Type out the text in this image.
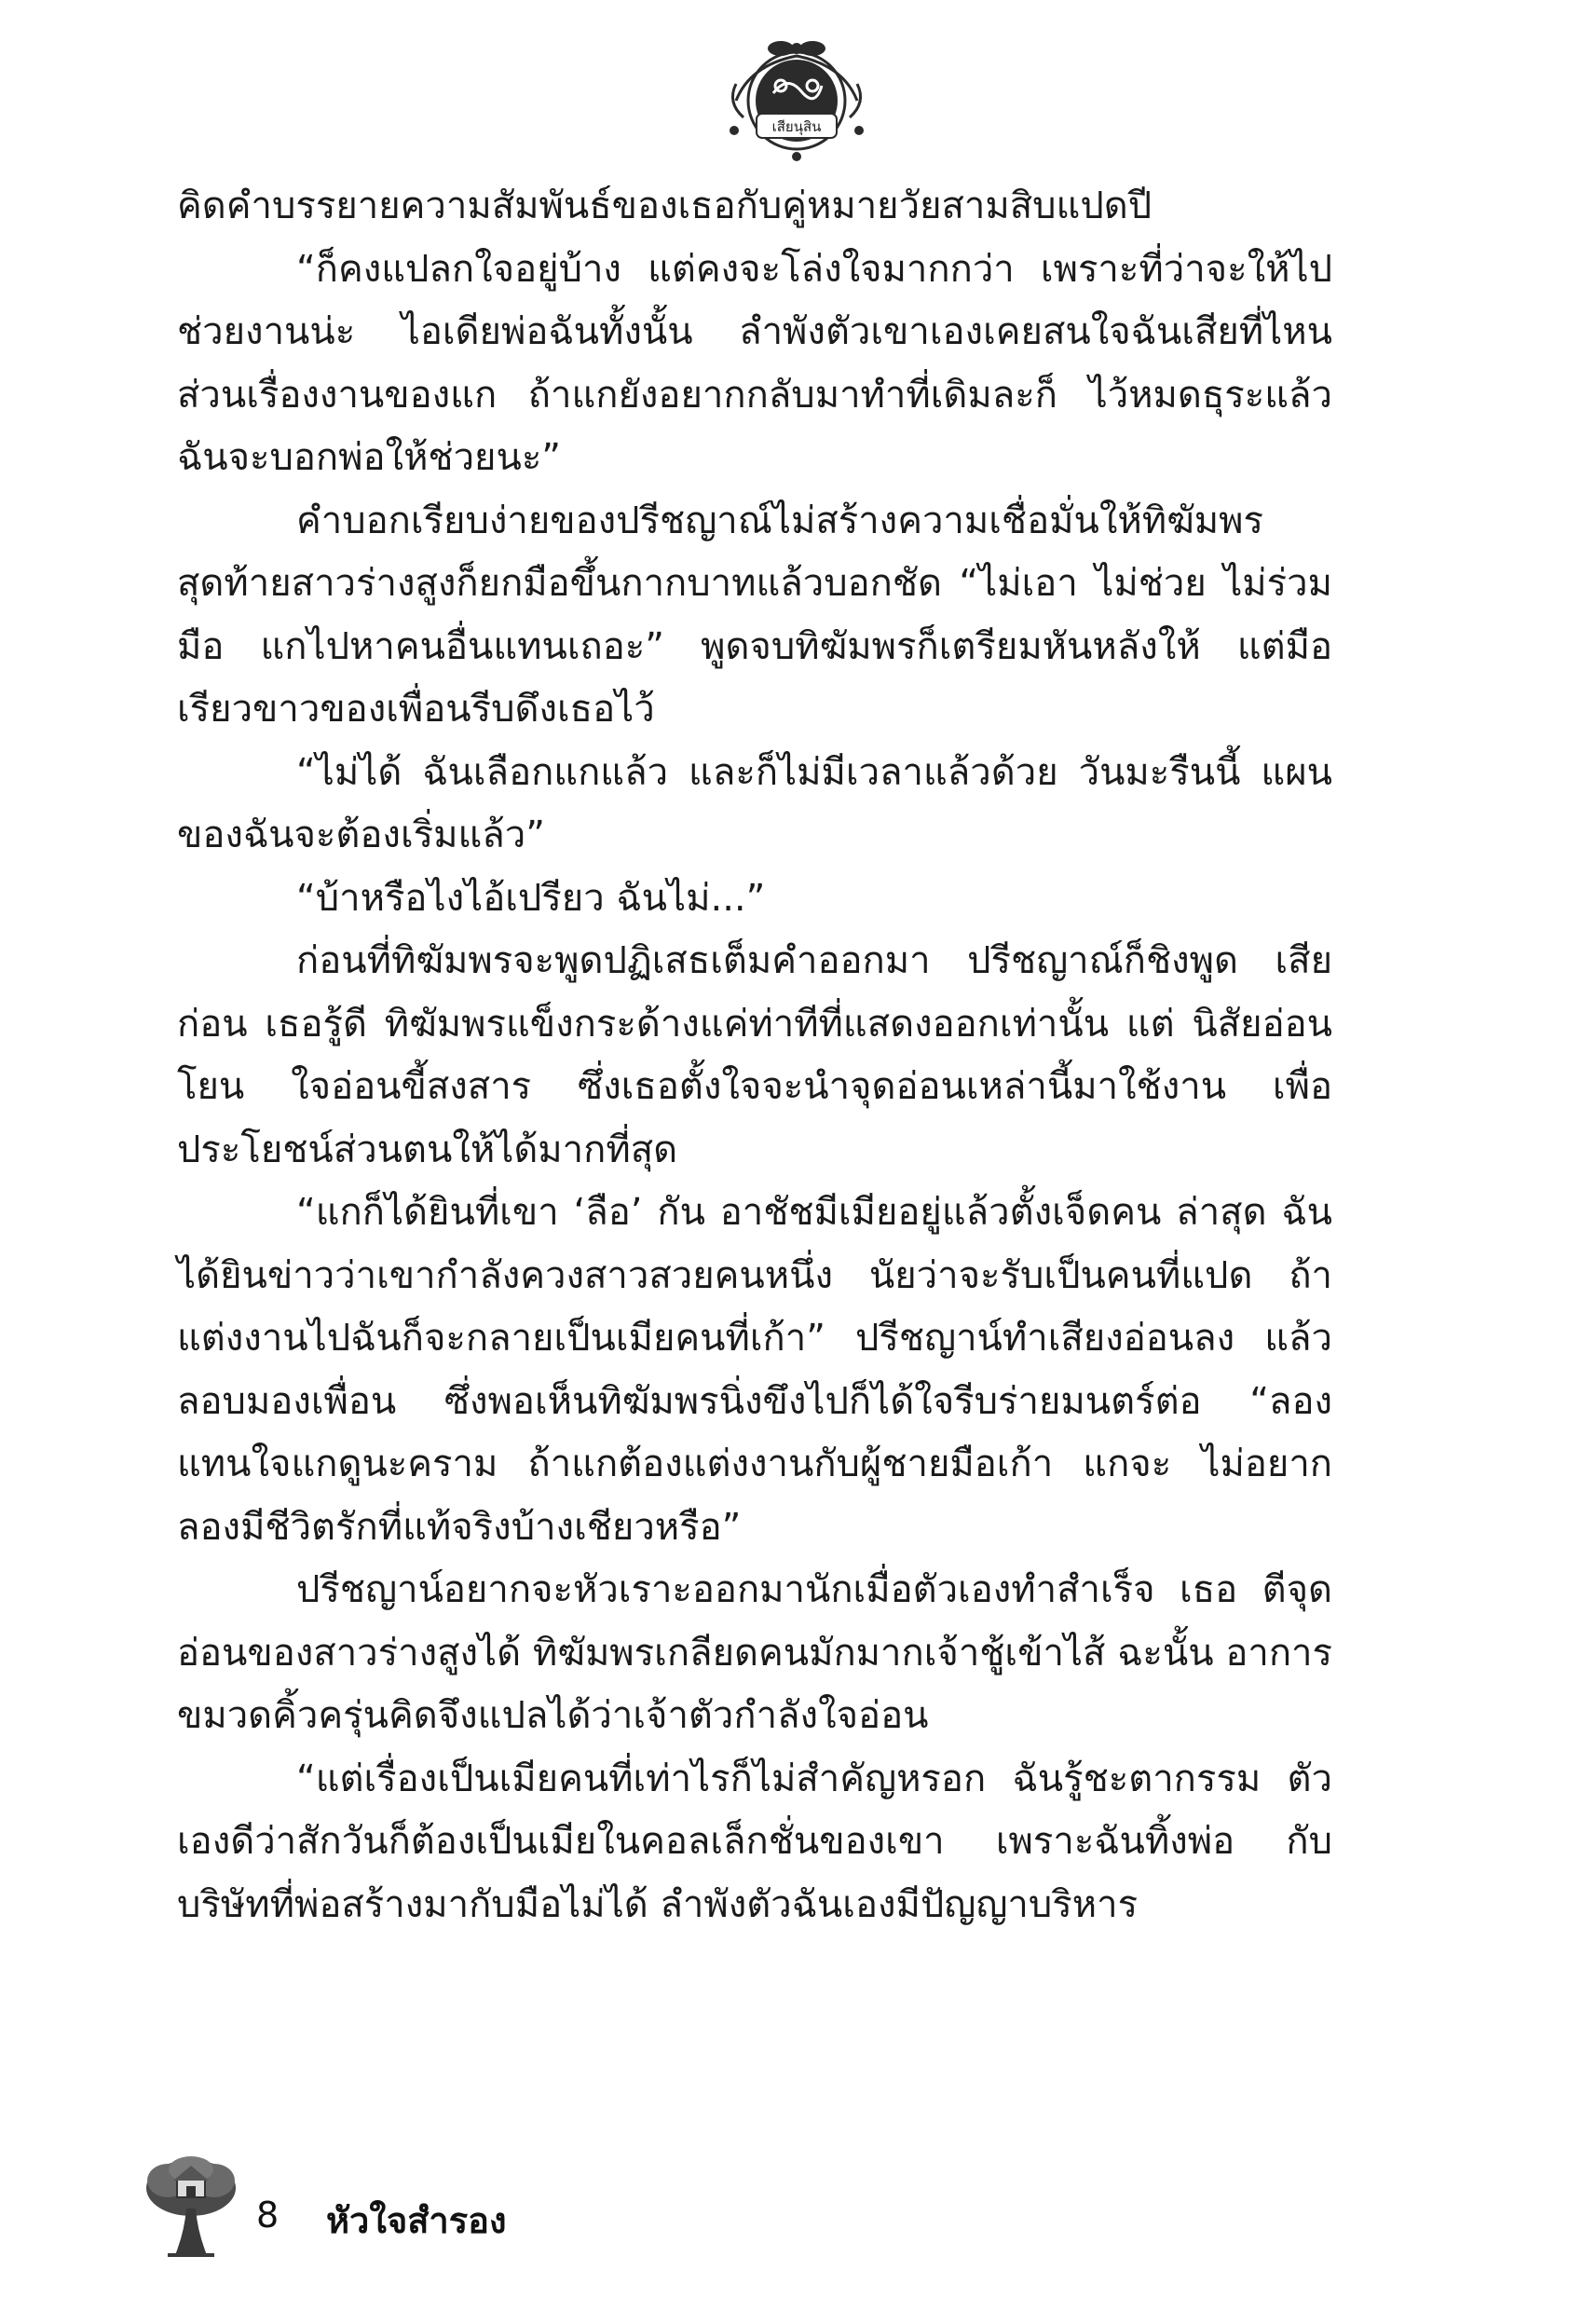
เสียนุสิน

คิดคำบรรยายความสัมพันธ์ของเธอกับคู่หมายวัยสามสิบแปดปี

“ก็คงแปลกใจอยู่บ้าง แต่คงจะโล่งใจมากกว่า เพราะที่ว่าจะให้ไปช่วยงานน่ะ ไอเดียพ่อฉันทั้งนั้น ลำพังตัวเขาเองเคยสนใจฉันเสียที่ไหน ส่วนเรื่องงานของแก ถ้าแกยังอยากกลับมาทำที่เดิมละก็ ไว้หมดธุระแล้ว ฉันจะบอกพ่อให้ช่วยนะ”

คำบอกเรียบง่ายของปรีชญาณ์ไม่สร้างความเชื่อมั่นให้ทิฆัมพร สุดท้ายสาวร่างสูงก็ยกมือขึ้นกากบาทแล้วบอกชัด “ไม่เอา ไม่ช่วย ไม่ร่วมมือ แกไปหาคนอื่นแทนเถอะ” พูดจบทิฆัมพรก็เตรียมหันหลังให้ แต่มือเรียวขาวของเพื่อนรีบดึงเธอไว้

“ไม่ได้ ฉันเลือกแกแล้ว และก็ไม่มีเวลาแล้วด้วย วันมะรืนนี้ แผนของฉันจะต้องเริ่มแล้ว”

“บ้าหรือไงไอ้เปรียว ฉันไม่...”

ก่อนที่ทิฆัมพรจะพูดปฏิเสธเต็มคำออกมา ปรีชญาณ์ก็ชิงพูด เสียก่อน เธอรู้ดี ทิฆัมพรแข็งกระด้างแค่ท่าทีที่แสดงออกเท่านั้น แต่ นิสัยอ่อนโยน ใจอ่อนขี้สงสาร ซึ่งเธอตั้งใจจะนำจุดอ่อนเหล่านี้มาใช้งาน เพื่อประโยชน์ส่วนตนให้ได้มากที่สุด

“แกก็ได้ยินที่เขา ‘ลือ’ กัน อาชัชมีเมียอยู่แล้วตั้งเจ็ดคน ล่าสุด ฉันได้ยินข่าวว่าเขากำลังควงสาวสวยคนหนึ่ง นัยว่าจะรับเป็นคนที่แปด ถ้าแต่งงานไปฉันก็จะกลายเป็นเมียคนที่เก้า” ปรีชญาน์ทำเสียงอ่อนลง แล้วลอบมองเพื่อน ซึ่งพอเห็นทิฆัมพรนิ่งขึงไปก็ได้ใจรีบร่ายมนตร์ต่อ “ลองแทนใจแกดูนะคราม ถ้าแกต้องแต่งงานกับผู้ชายมือเก้า แกจะ ไม่อยากลองมีชีวิตรักที่แท้จริงบ้างเชียวหรือ”

ปรีชญาน์อยากจะหัวเราะออกมานักเมื่อตัวเองทำสำเร็จ เธอ ตีจุดอ่อนของสาวร่างสูงได้ ทิฆัมพรเกลียดคนมักมากเจ้าชู้เข้าไส้ ฉะนั้น อาการขมวดคิ้วครุ่นคิดจึงแปลได้ว่าเจ้าตัวกำลังใจอ่อน

“แต่เรื่องเป็นเมียคนที่เท่าไรก็ไม่สำคัญหรอก ฉันรู้ชะตากรรม ตัวเองดีว่าสักวันก็ต้องเป็นเมียในคอลเล็กชั่นของเขา เพราะฉันทิ้งพ่อ กับบริษัทที่พ่อสร้างมากับมือไม่ได้ ลำพังตัวฉันเองมีปัญญาบริหาร

8 หัวใจสำรอง
